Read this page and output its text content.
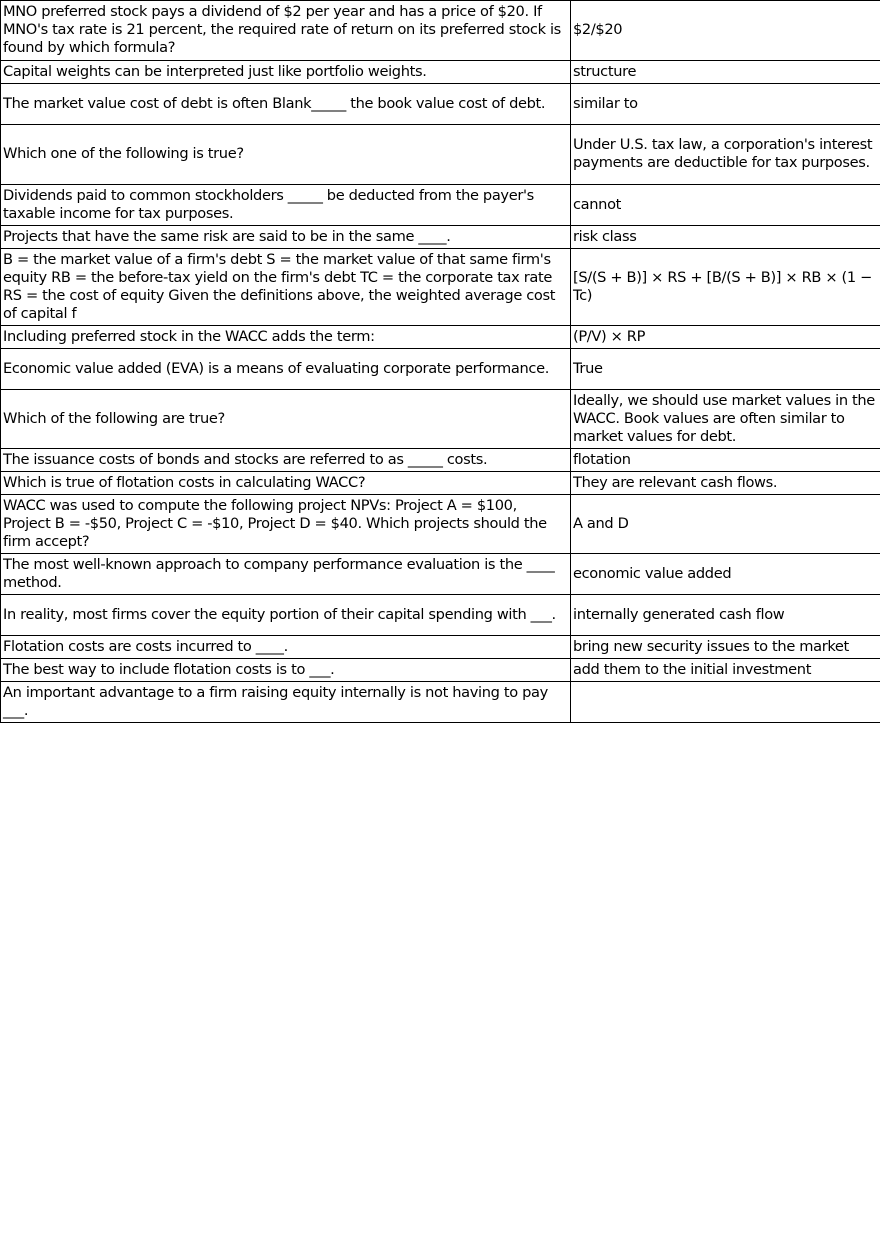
MNO preferred stock pays a dividend of $2 per year and has a price of $20. If MNO's tax rate is 21 percent, the required rate of return on its preferred stock is found by which formula?	$2/$20
Capital weights can be interpreted just like portfolio weights.	structure
The market value cost of debt is often Blank_____ the book value cost of debt.	similar to
Which one of the following is true?	Under U.S. tax law, a corporation's interest payments are deductible for tax purposes.
Dividends paid to common stockholders _____ be deducted from the payer's taxable income for tax purposes.	cannot
Projects that have the same risk are said to be in the same ____.	risk class
B = the market value of a firm's debt S = the market value of that same firm's equity RB = the before-tax yield on the firm's debt TC = the corporate tax rate RS = the cost of equity Given the definitions above, the weighted average cost of capital f	[S/(S + B)] × RS + [B/(S + B)] × RB × (1 − Tc)
Including preferred stock in the WACC adds the term:	(P/V) × RP
Economic value added (EVA) is a means of evaluating corporate performance.	True
Which of the following are true?	Ideally, we should use market values in the WACC. Book values are often similar to market values for debt.
The issuance costs of bonds and stocks are referred to as _____ costs.	flotation
Which is true of flotation costs in calculating WACC?	They are relevant cash flows.
WACC was used to compute the following project NPVs: Project A = $100, Project B = -$50, Project C = -$10, Project D = $40. Which projects should the firm accept?	A and D
The most well-known approach to company performance evaluation is the ____ method.	economic value added
In reality, most firms cover the equity portion of their capital spending with ___.	internally generated cash flow
Flotation costs are costs incurred to ____.	bring new security issues to the market
The best way to include flotation costs is to ___.	add them to the initial investment
An important advantage to a firm raising equity internally is not having to pay ___.	
